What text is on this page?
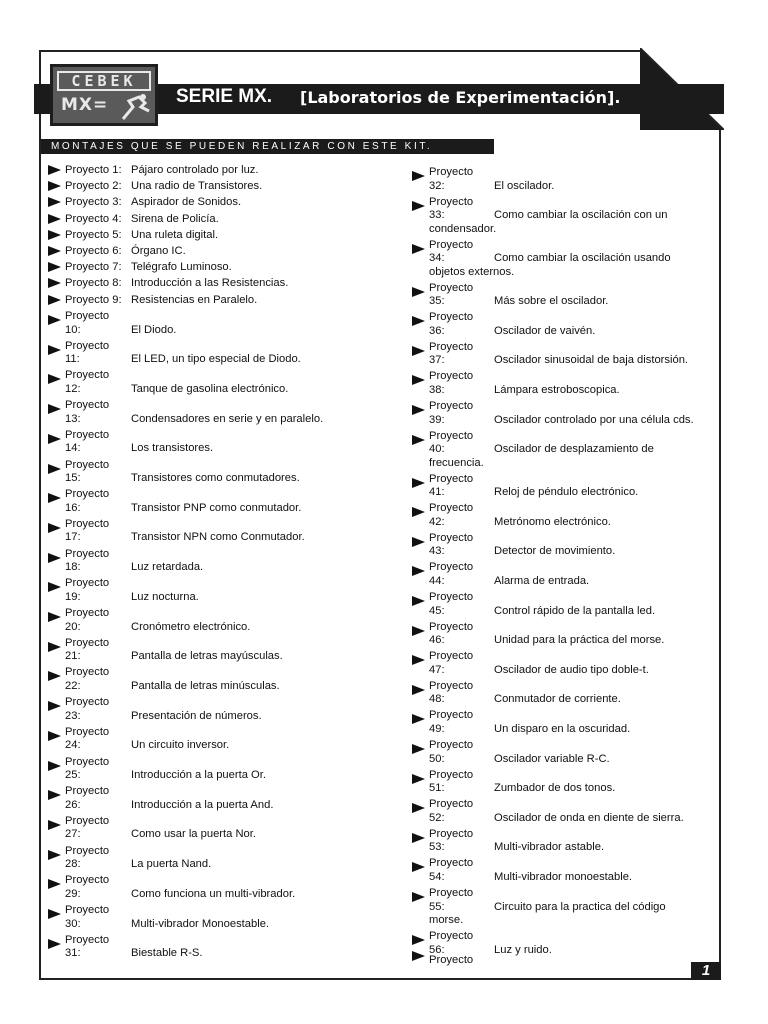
CEBEK
MX=	SERIE MX. [Laboratorios de Experimentación].
MONTAJES QUE SE PUEDEN REALIZAR CON ESTE KIT.
Proyecto 1: Pájaro controlado por luz.
Proyecto 2: Una radio de Transistores.
Proyecto 3: Aspirador de Sonidos.
Proyecto 4: Sirena de Policía.
Proyecto 5: Una ruleta digital.
Proyecto 6: Órgano IC.
Proyecto 7: Telégrafo Luminoso.
Proyecto 8: Introducción a las Resistencias.
Proyecto 9: Resistencias en Paralelo.
Proyecto
10:	El Diodo.
Proyecto
11:	El LED, un tipo especial de Diodo.
Proyecto
12:	Tanque de gasolina electrónico.
Proyecto
13:	Condensadores en serie y en paralelo.
Proyecto
14:	Los transistores.
Proyecto
15:	Transistores como conmutadores.
Proyecto
16:	Transistor PNP como conmutador.
Proyecto
17:	Transistor NPN como Conmutador.
Proyecto
18:	Luz retardada.
Proyecto
19:	Luz nocturna.
Proyecto
20:	Cronómetro electrónico.
Proyecto
21:	Pantalla de letras mayúsculas.
Proyecto
22:	Pantalla de letras minúsculas.
Proyecto
23:	Presentación de números.
Proyecto
24:	Un circuito inversor.
Proyecto
25:	Introducción a la puerta Or.
Proyecto
26:	Introducción a la puerta And.
Proyecto
27:	Como usar la puerta Nor.
Proyecto
28:	La puerta Nand.
Proyecto
29:	Como funciona un multi-vibrador.
Proyecto
30:	Multi-vibrador Monoestable.
Proyecto
31:	Biestable R-S.
Proyecto
32:	El oscilador.
Proyecto
33:	Como cambiar la oscilación con un
condensador.
Proyecto
34:	Como cambiar la oscilación usando
objetos externos.
Proyecto
35:	Más sobre el oscilador.
Proyecto
36:	Oscilador de vaivén.
Proyecto
37:	Oscilador sinusoidal de baja distorsión.
Proyecto
38:	Lámpara estroboscopica.
Proyecto
39:	Oscilador controlado por una célula cds.
Proyecto
40:	Oscilador de desplazamiento de
frecuencia.
Proyecto
41:	Reloj de péndulo electrónico.
Proyecto
42:	Metrónomo electrónico.
Proyecto
43:	Detector de movimiento.
Proyecto
44:	Alarma de entrada.
Proyecto
45:	Control rápido de la pantalla led.
Proyecto
46:	Unidad para la práctica del morse.
Proyecto
47:	Oscilador de audio tipo doble-t.
Proyecto
48:	Conmutador de corriente.
Proyecto
49:	Un disparo en la oscuridad.
Proyecto
50:	Oscilador variable R-C.
Proyecto
51:	Zumbador de dos tonos.
Proyecto
52:	Oscilador de onda en diente de sierra.
Proyecto
53:	Multi-vibrador astable.
Proyecto
54:	Multi-vibrador monoestable.
Proyecto
55:	Circuito para la practica del código
morse.
Proyecto
56:	Luz y ruido.
Proyecto
1
